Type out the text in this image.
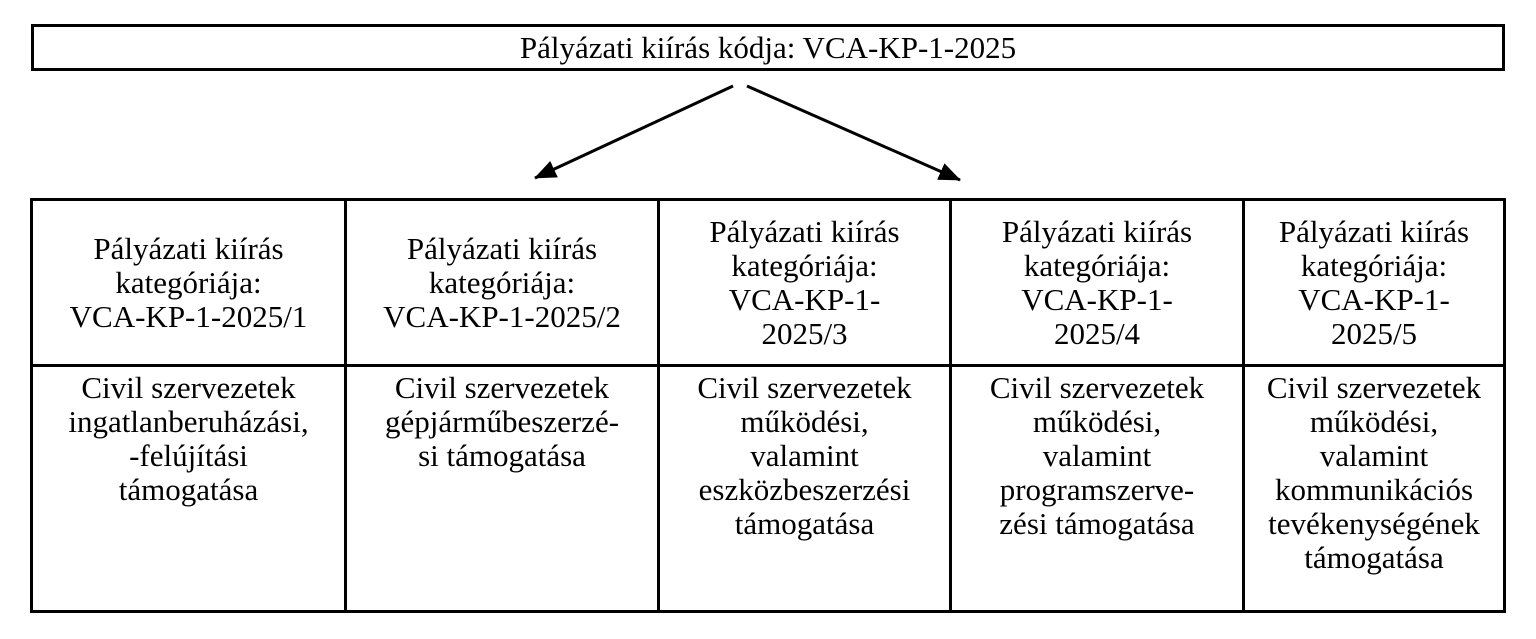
Pályázati kiírás kódja: VCA-KP-1-2025
Pályázati kiírás
kategóriája:
VCA-KP-1-2025/1
Pályázati kiírás
kategóriája:
VCA-KP-1-2025/2
Pályázati kiírás
kategóriája:
VCA-KP-1-
2025/3
Pályázati kiírás
kategóriája:
VCA-KP-1-
2025/4
Pályázati kiírás
kategóriája:
VCA-KP-1-
2025/5
Civil szervezetek
ingatlanberuházási,
-felújítási
támogatása
Civil szervezetek
gépjárműbeszerzé-
si támogatása
Civil szervezetek
működési,
valamint
eszközbeszerzési
támogatása
Civil szervezetek
működési,
valamint
programszerve-
zési támogatása
Civil szervezetek
működési,
valamint
kommunikációs
tevékenységének
támogatása
